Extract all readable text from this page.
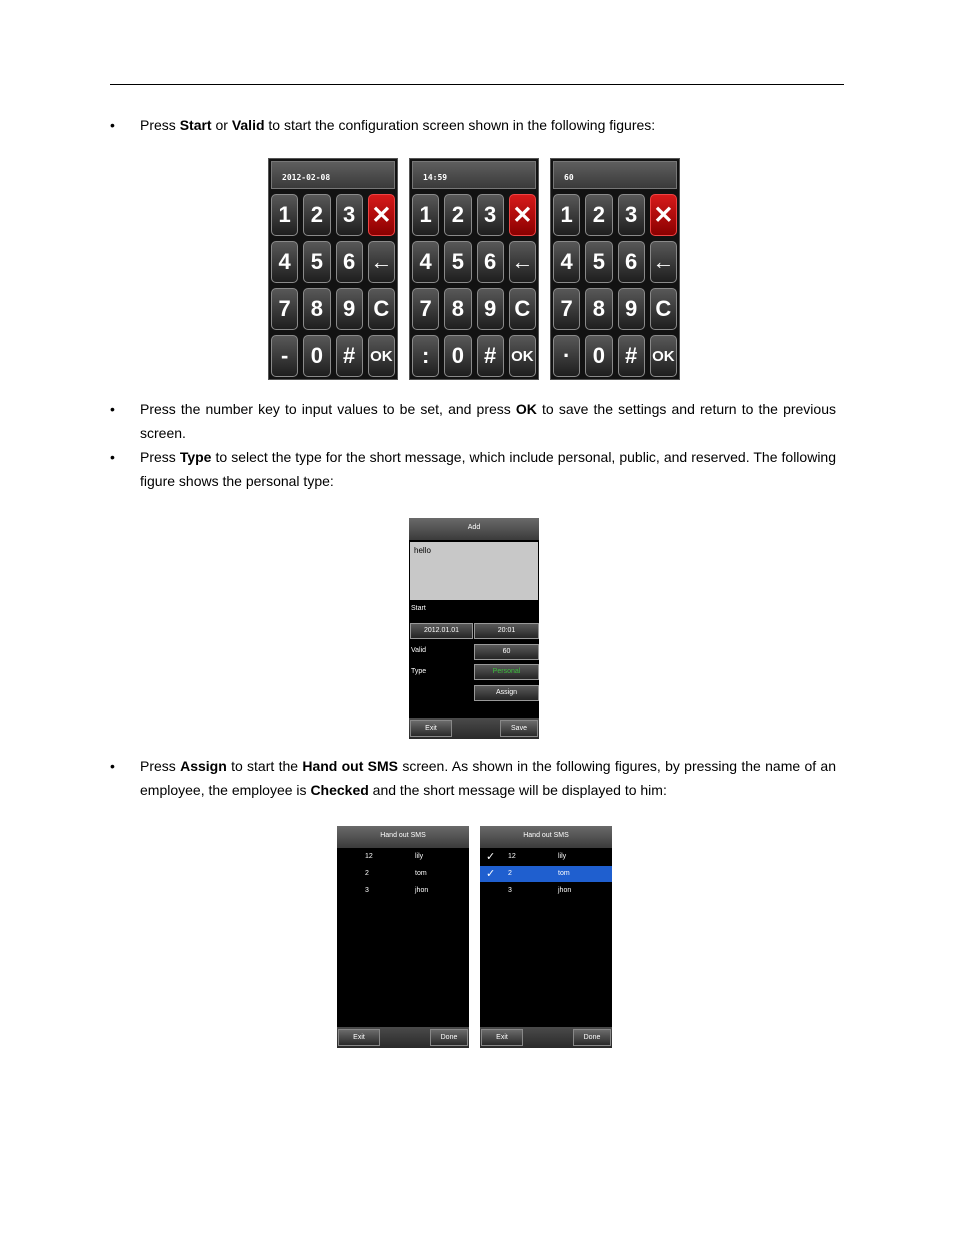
• Press Start or Valid to start the configuration screen shown in the following figures:
2012-02-08
1 2 3 ✕
4 5 6 ←
7 8 9 C
-	0 # OK
14:59
1 2 3 ✕
4 5 6 ←
7 8 9 C
:	0 # OK
60
1 2 3 ✕
4 5 6 ←
7 8 9 C
·	0 # OK
• Press the number key to input values to be set, and press OK to save the settings and return to the previous screen.
• Press Type to select the type for the short message, which include personal, public, and reserved. The following figure shows the personal type:
Add
hello
Start
2012.01.01	20:01
Valid	60
Type	Personal
Assign
Exit	Save
• Press Assign to start the Hand out SMS screen. As shown in the following figures, by pressing the name of an employee, the employee is Checked and the short message will be displayed to him:
Hand out SMS
12	lily
2	tom
3	jhon
Exit	Done
Hand out SMS
✓ 12	lily
✓ 2	tom
3	jhon
Exit	Done
